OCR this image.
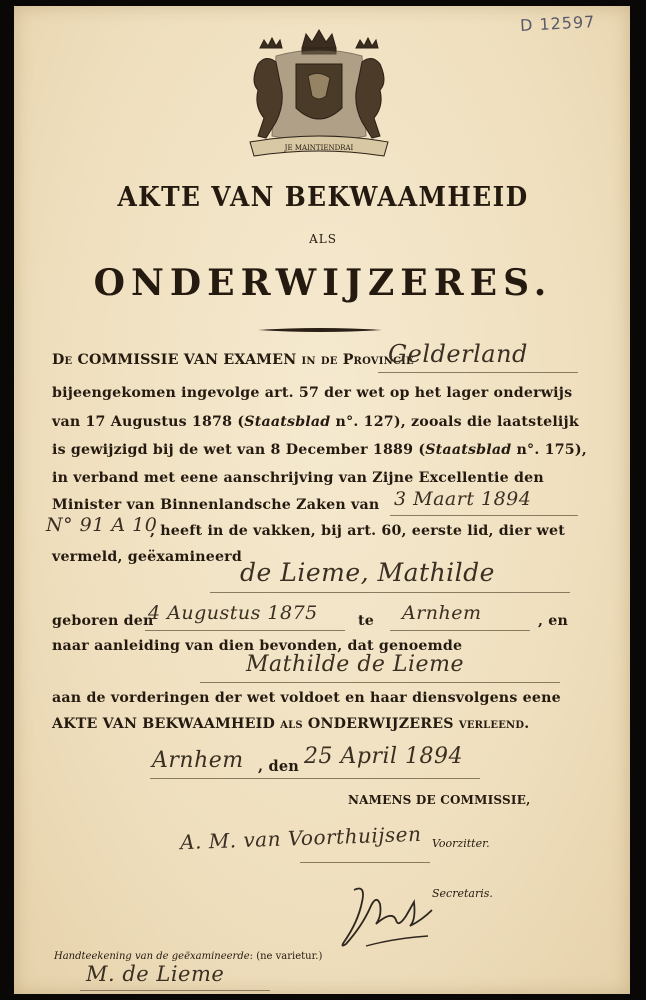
D 12597
JE MAINTIENDRAI
AKTE VAN BEKWAAMHEID
ALS
ONDERWIJZERES.
De COMMISSIE VAN EXAMEN in de Provincie
Gelderland
bijeengekomen ingevolge art. 57 der wet op het lager onderwijs
van 17 Augustus 1878 (Staatsblad n°. 127), zooals die laatstelijk
is gewijzigd bij de wet van 8 December 1889 (Staatsblad n°. 175),
in verband met eene aanschrijving van Zijne Excellentie den
Minister van Binnenlandsche Zaken van 3 Maart 1894
N° 91 A 10
, heeft in de vakken, bij art. 60, eerste lid, dier wet
vermeld, geëxamineerd
de Lieme, Mathilde
geboren den
4 Augustus 1875	te Arnhem	, en
naar aanleiding van dien bevonden, dat genoemde
Mathilde de Lieme
aan de vorderingen der wet voldoet en haar diensvolgens eene
AKTE VAN BEKWAAMHEID als ONDERWIJZERES verleend.
Arnhem , den 25 April 1894
NAMENS DE COMMISSIE,
A. M. van Voorthuijsen Voorzitter.
Secretaris.
Handteekening van de geëxamineerde: (ne varietur.)
M. de Lieme
